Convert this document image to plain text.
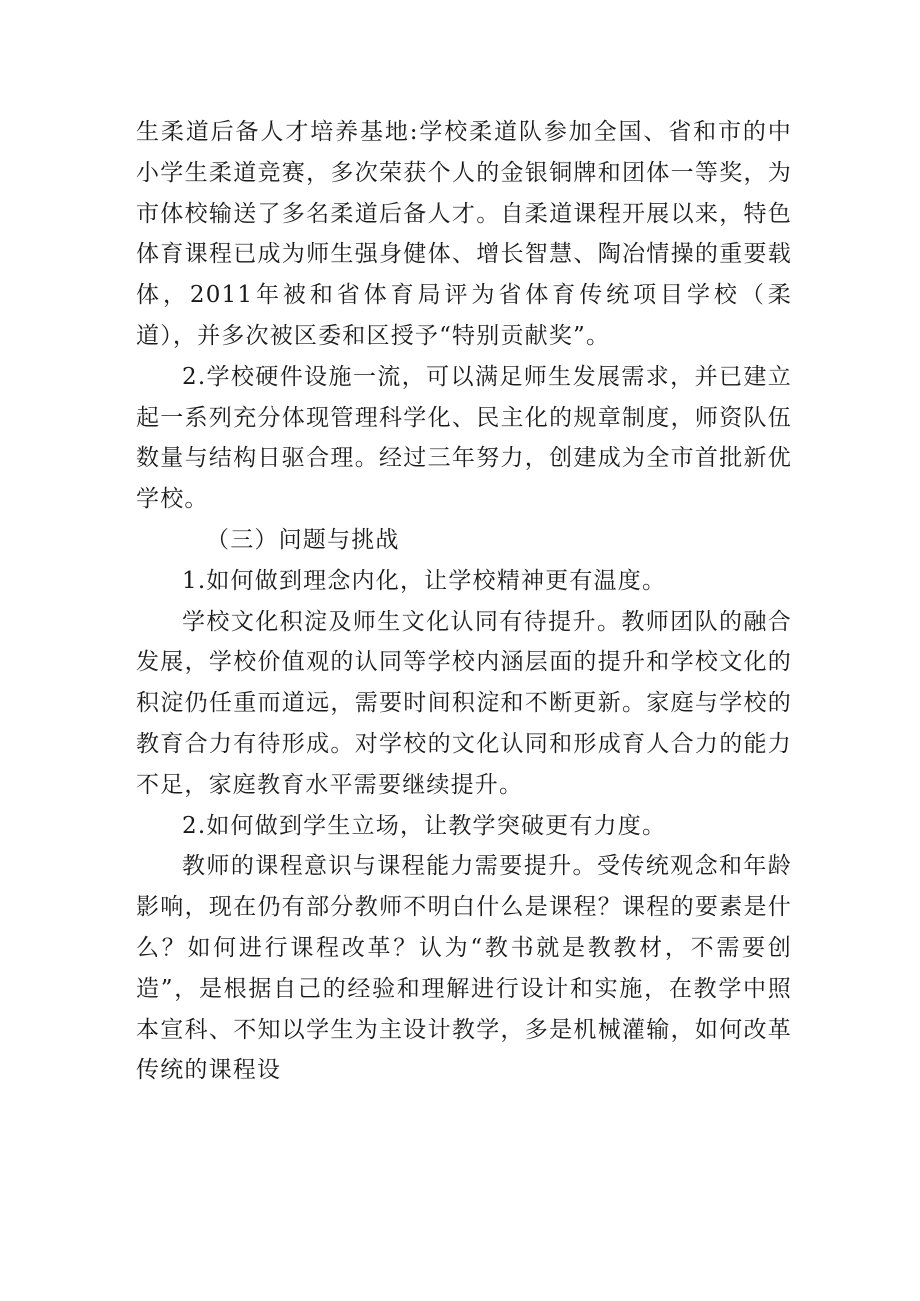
生柔道后备人才培养基地:学校柔道队参加全国、省和市的中小学生柔道竞赛，多次荣获个人的金银铜牌和团体一等奖，为市体校输送了多名柔道后备人才。自柔道课程开展以来，特色体育课程已成为师生强身健体、增长智慧、陶冶情操的重要载体，2011年被和省体育局评为省体育传统项目学校（柔道），并多次被区委和区授予“特别贡献奖”。

2.学校硬件设施一流，可以满足师生发展需求，并已建立起一系列充分体现管理科学化、民主化的规章制度，师资队伍数量与结构日驱合理。经过三年努力，创建成为全市首批新优学校。

（三）问题与挑战

1.如何做到理念内化，让学校精神更有温度。

学校文化积淀及师生文化认同有待提升。教师团队的融合发展，学校价值观的认同等学校内涵层面的提升和学校文化的积淀仍任重而道远，需要时间积淀和不断更新。家庭与学校的教育合力有待形成。对学校的文化认同和形成育人合力的能力不足，家庭教育水平需要继续提升。

2.如何做到学生立场，让教学突破更有力度。

教师的课程意识与课程能力需要提升。受传统观念和年龄影响，现在仍有部分教师不明白什么是课程？课程的要素是什么？如何进行课程改革？认为“教书就是教教材，不需要创造”，是根据自己的经验和理解进行设计和实施，在教学中照本宣科、不知以学生为主设计教学，多是机械灌输，如何改革传统的课程设
